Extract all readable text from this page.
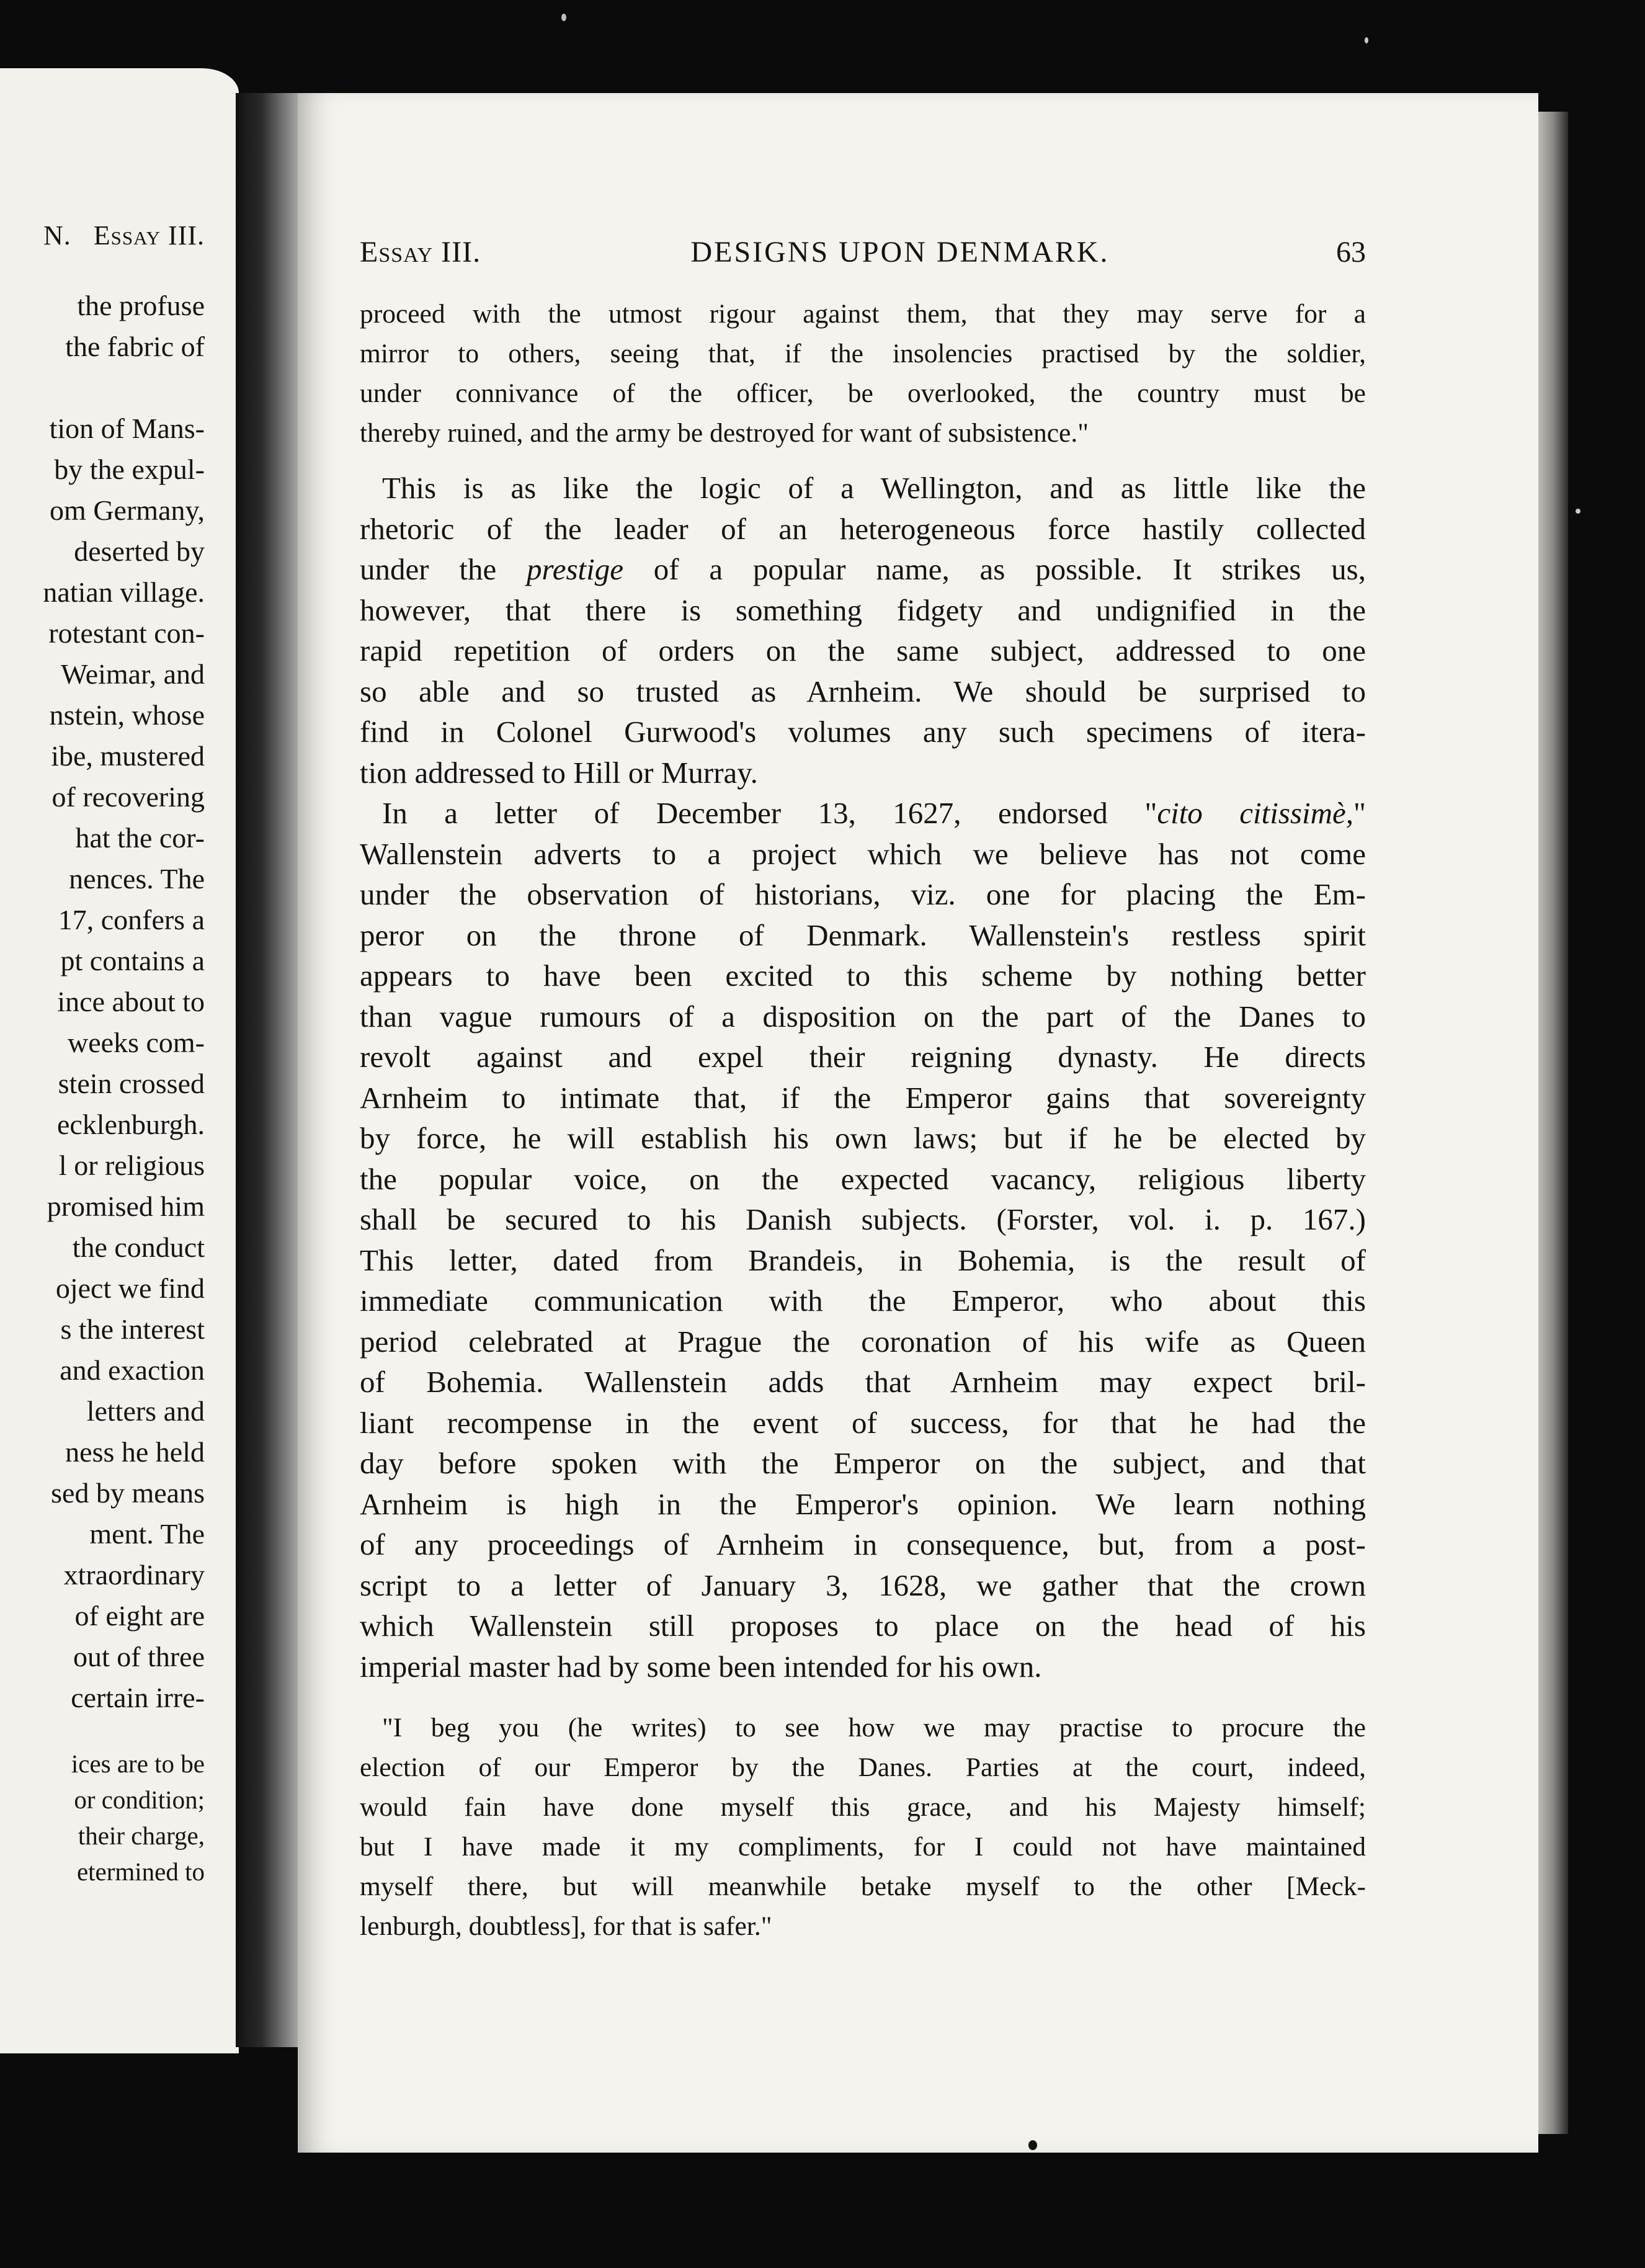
N. Essay III.
the profuse
the fabric of

tion of Mans-
by the expul-
om Germany,
deserted by
natian village.
rotestant con-
Weimar, and
nstein, whose
ibe, mustered
of recovering
hat the cor-
nences. The
17, confers a
pt contains a
ince about to
weeks com-
stein crossed
ecklenburgh.
l or religious
promised him
the conduct
oject we find
s the interest
and exaction
letters and
ness he held
sed by means
ment. The
xtraordinary
of eight are
out of three
certain irre-
ices are to be
or condition;
their charge,
etermined to
Essay III.	DESIGNS UPON DENMARK.	63
proceed with the utmost rigour against them, that they may serve for a
mirror to others, seeing that, if the insolencies practised by the soldier,
under connivance of the officer, be overlooked, the country must be
thereby ruined, and the army be destroyed for want of subsistence."
This is as like the logic of a Wellington, and as little like the
rhetoric of the leader of an heterogeneous force hastily collected
under the prestige of a popular name, as possible. It strikes us,
however, that there is something fidgety and undignified in the
rapid repetition of orders on the same subject, addressed to one
so able and so trusted as Arnheim. We should be surprised to
find in Colonel Gurwood's volumes any such specimens of itera-
tion addressed to Hill or Murray.
In a letter of December 13, 1627, endorsed "cito citissimè,"
Wallenstein adverts to a project which we believe has not come
under the observation of historians, viz. one for placing the Em-
peror on the throne of Denmark. Wallenstein's restless spirit
appears to have been excited to this scheme by nothing better
than vague rumours of a disposition on the part of the Danes to
revolt against and expel their reigning dynasty. He directs
Arnheim to intimate that, if the Emperor gains that sovereignty
by force, he will establish his own laws; but if he be elected by
the popular voice, on the expected vacancy, religious liberty
shall be secured to his Danish subjects. (Forster, vol. i. p. 167.)
This letter, dated from Brandeis, in Bohemia, is the result of
immediate communication with the Emperor, who about this
period celebrated at Prague the coronation of his wife as Queen
of Bohemia. Wallenstein adds that Arnheim may expect bril-
liant recompense in the event of success, for that he had the
day before spoken with the Emperor on the subject, and that
Arnheim is high in the Emperor's opinion. We learn nothing
of any proceedings of Arnheim in consequence, but, from a post-
script to a letter of January 3, 1628, we gather that the crown
which Wallenstein still proposes to place on the head of his
imperial master had by some been intended for his own.
"I beg you (he writes) to see how we may practise to procure the
election of our Emperor by the Danes. Parties at the court, indeed,
would fain have done myself this grace, and his Majesty himself;
but I have made it my compliments, for I could not have maintained
myself there, but will meanwhile betake myself to the other [Meck-
lenburgh, doubtless], for that is safer."
